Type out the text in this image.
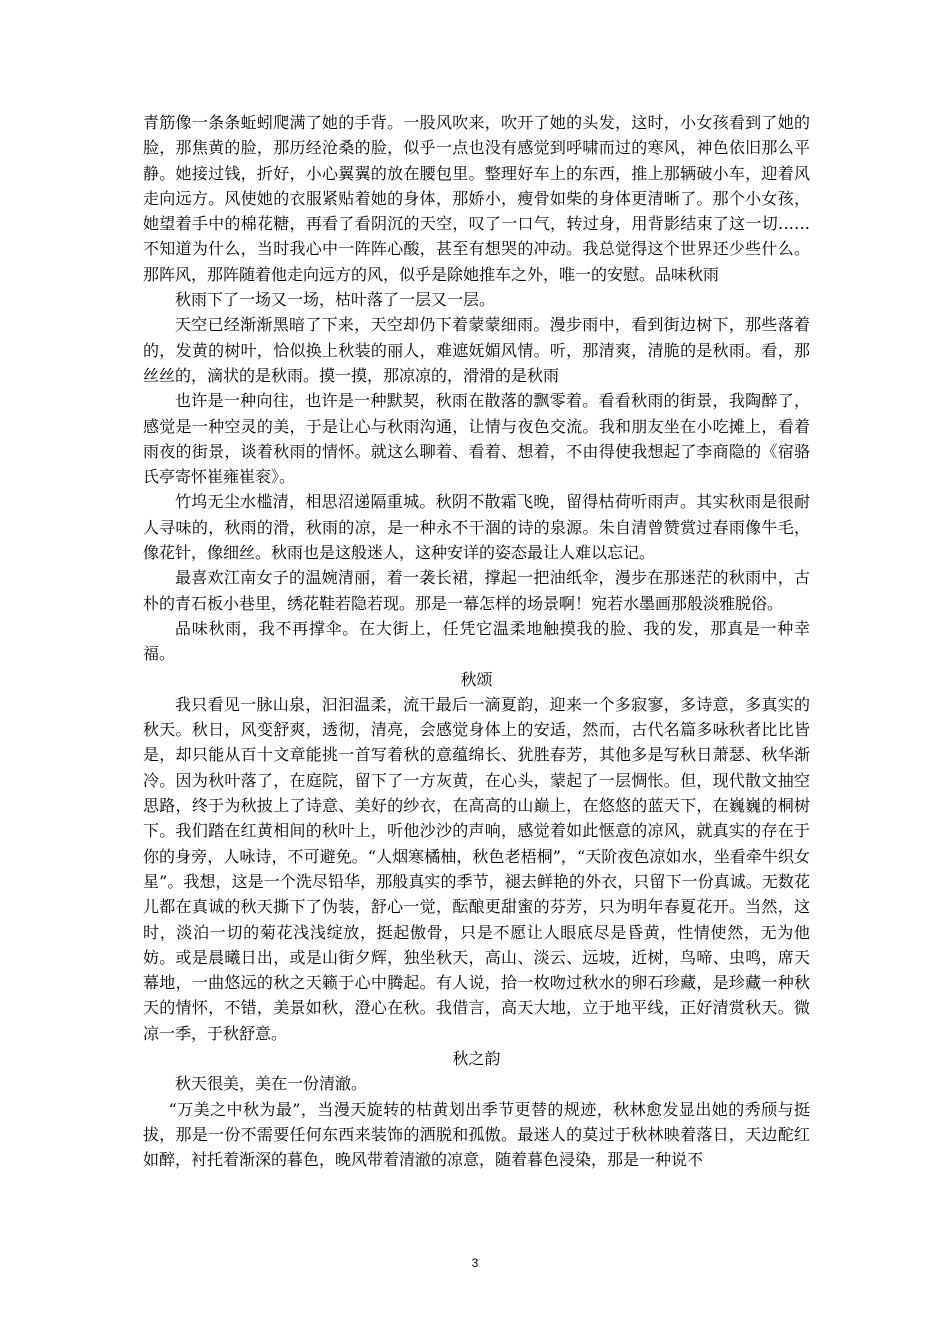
青筋像一条条蚯蚓爬满了她的手背。一股风吹来，吹开了她的头发，这时，小女孩看到了她的脸，那焦黄的脸，那历经沧桑的脸，似乎一点也没有感觉到呼啸而过的寒风，神色依旧那么平静。她接过钱，折好，小心翼翼的放在腰包里。整理好车上的东西，推上那辆破小车，迎着风走向远方。风使她的衣服紧贴着她的身体，那娇小，瘦骨如柴的身体更清晰了。那个小女孩，她望着手中的棉花糖，再看了看阴沉的天空，叹了一口气，转过身，用背影结束了这一切……不知道为什么，当时我心中一阵阵心酸，甚至有想哭的冲动。我总觉得这个世界还少些什么。那阵风，那阵随着他走向远方的风，似乎是除她推车之外，唯一的安慰。品味秋雨

秋雨下了一场又一场，枯叶落了一层又一层。

天空已经渐渐黑暗了下来，天空却仍下着蒙蒙细雨。漫步雨中，看到街边树下，那些落着的，发黄的树叶，恰似换上秋装的丽人，难遮妩媚风情。听，那清爽，清脆的是秋雨。看，那丝丝的，滴状的是秋雨。摸一摸，那凉凉的，滑滑的是秋雨

也许是一种向往，也许是一种默契，秋雨在散落的飘零着。看看秋雨的街景，我陶醉了，感觉是一种空灵的美，于是让心与秋雨沟通，让情与夜色交流。我和朋友坐在小吃摊上，看着雨夜的街景，谈着秋雨的情怀。就这么聊着、看着、想着，不由得使我想起了李商隐的《宿骆氏亭寄怀崔雍崔衮》。

竹坞无尘水槛清，相思沼递隔重城。秋阴不散霜飞晚，留得枯荷听雨声。其实秋雨是很耐人寻味的，秋雨的滑，秋雨的凉，是一种永不干涸的诗的泉源。朱自清曾赞赏过春雨像牛毛，像花针，像细丝。秋雨也是这般迷人，这种安详的姿态最让人难以忘记。

最喜欢江南女子的温婉清丽，着一袭长裙，撑起一把油纸伞，漫步在那迷茫的秋雨中，古朴的青石板小巷里，绣花鞋若隐若现。那是一幕怎样的场景啊！宛若水墨画那般淡雅脱俗。

品味秋雨，我不再撑伞。在大街上，任凭它温柔地触摸我的脸、我的发，那真是一种幸福。

秋颂

我只看见一脉山泉，汩汩温柔，流干最后一滴夏韵，迎来一个多寂寥，多诗意，多真实的秋天。秋日，风变舒爽，透彻，清亮，会感觉身体上的安适，然而，古代名篇多咏秋者比比皆是，却只能从百十文章能挑一首写着秋的意蕴绵长、犹胜春芳，其他多是写秋日萧瑟、秋华渐冷。因为秋叶落了，在庭院，留下了一方灰黄，在心头，蒙起了一层惆怅。但，现代散文抽空思路，终于为秋披上了诗意、美好的纱衣，在高高的山巅上，在悠悠的蓝天下，在巍巍的桐树下。我们踏在红黄相间的秋叶上，听他沙沙的声响，感觉着如此惬意的凉风，就真实的存在于你的身旁，人咏诗，不可避免。“人烟寒橘柚，秋色老梧桐”，“天阶夜色凉如水，坐看牵牛织女星”。我想，这是一个洗尽铅华，那般真实的季节，褪去鲜艳的外衣，只留下一份真诚。无数花儿都在真诚的秋天撕下了伪装，舒心一觉，酝酿更甜蜜的芬芳，只为明年春夏花开。当然，这时，淡泊一切的菊花浅浅绽放，挺起傲骨，只是不愿让人眼底尽是昏黄，性情使然，无为他妨。或是晨曦日出，或是山街夕辉，独坐秋天，高山、淡云、远坡，近树，鸟啼、虫鸣，席天幕地，一曲悠远的秋之天籁于心中腾起。有人说，拾一枚吻过秋水的卵石珍藏，是珍藏一种秋天的情怀，不错，美景如秋，澄心在秋。我借言，高天大地，立于地平线，正好清赏秋天。微凉一季，于秋舒意。

秋之韵

秋天很美，美在一份清澈。

“万美之中秋为最”，当漫天旋转的枯黄划出季节更替的规迹，秋林愈发显出她的秀颀与挺拔，那是一份不需要任何东西来装饰的洒脱和孤傲。最迷人的莫过于秋林映着落日，天边酡红如醉，衬托着渐深的暮色，晚风带着清澈的凉意，随着暮色浸染，那是一种说不

3
